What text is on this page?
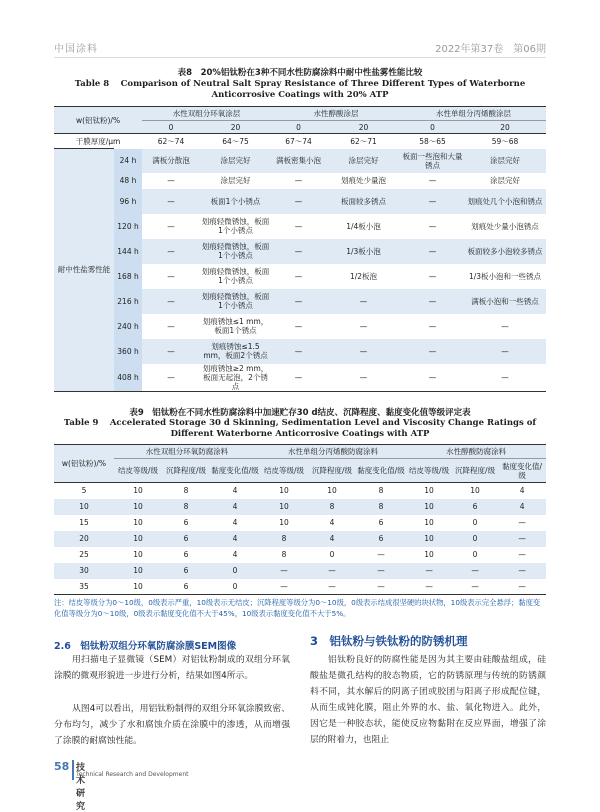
中国涂料	2022年第37卷　第06期
表8　20%铝钛粉在3种不同水性防腐涂料中耐中性盐雾性能比较
Table 8　 Comparison of Neutral Salt Spray Resistance of Three Different Types of Waterborne Anticorrosive Coatings with 20% ATP
w(铝钛粉)/%		水性双组分环氧涂层		水性醇酸涂层		水性单组分丙烯酸涂层	
		0	20	0	20	0	20
干膜厚度/μm		62～74	64～75	67～74	62～71	58～65	59～68
耐中性盐雾性能	24 h	满板分散泡	涂层完好	满板密集小泡	涂层完好	板面一些泡和大量锈点	涂层完好
	48 h	—	涂层完好	—	划痕处少量泡	—	涂层完好
	96 h	—	板面1个小锈点	—	板面较多锈点	—	划痕处几个小泡和锈点
	120 h	—	划痕轻微锈蚀，板面1个小锈点	—	1/4板小泡	—	划痕处少量小泡锈点
	144 h	—	划痕轻微锈蚀，板面1个小锈点	—	1/3板小泡	—	板面较多小泡较多锈点
	168 h	—	划痕轻微锈蚀，板面1个小锈点	—	1/2板泡	—	1/3板小泡和一些锈点
	216 h	—	划痕轻微锈蚀，板面1个小锈点	—	—	—	满板小泡和一些锈点
	240 h	—	划痕锈蚀≤1 mm，板面1个锈点	—	—	—	—
	360 h	—	划痕锈蚀≤1.5 mm，板面2个锈点	—	—	—	—
	408 h	—	划痕锈蚀≥2 mm，板面无起泡，2个锈点	—	—	—	—
表9　铝钛粉在不同水性防腐涂料中加速贮存30 d结皮、沉降程度、黏度变化值等级评定表
Table 9　 Accelerated Storage 30 d Skinning, Sedimentation Level and Viscosity Change Ratings of Different Waterborne Anticorrosive Coatings with ATP
w(铝钛粉)/%	水性双组分环氧防腐涂料			水性单组分丙烯酸防腐涂料			水性醇酸防腐涂料		
	结皮等级/级	沉降程度/级	黏度变化值/级	结皮等级/级	沉降程度/级	黏度变化值/级	结皮等级/级	沉降程度/级	黏度变化值/级
5	10	8	4	10	10	8	10	10	4
10	10	8	4	10	8	8	10	6	4
15	10	6	4	10	4	6	10	0	—
20	10	6	4	8	4	6	10	0	—
25	10	6	4	8	0	—	10	0	—
30	10	6	0	—	—	—	—	—	—
35	10	6	0	—	—	—	—	—	—
注：结皮等级分为0～10级，0级表示严重，10级表示无结皮；沉降程度等级分为0～10级，0级表示结成很坚硬的块状物，10级表示完全悬浮；黏度变化值等级分为0～10级，0级表示黏度变化值不大于45%，10级表示黏度变化值不大于5%。
2.6　铝钛粉双组分环氧防腐涂膜SEM图像
用扫描电子显微镜（SEM）对铝钛粉制成的双组分环氧涂膜的微观形貌进一步进行分析，结果如图4所示。
从图4可以看出，用铝钛粉制得的双组分环氧涂膜致密、分布均匀，减少了水和腐蚀介质在涂膜中的渗透，从而增强了涂膜的耐腐蚀性能。
3　铝钛粉与铁钛粉的防锈机理
铝钛粉良好的防腐性能是因为其主要由硅酸盐组成，硅酸盐是微孔结构的胶态物质，它的防锈原理与传统的防锈颜料不同，其水解后的阴离子团或胶团与阳离子形成配位键，从而生成钝化膜，阻止外界的水、盐、氧化物进入。此外，因它是一种胶态状，能使反应物黏附在反应界面，增强了涂层的附着力，也阻止
58 技术研究
Technical Research and Development
